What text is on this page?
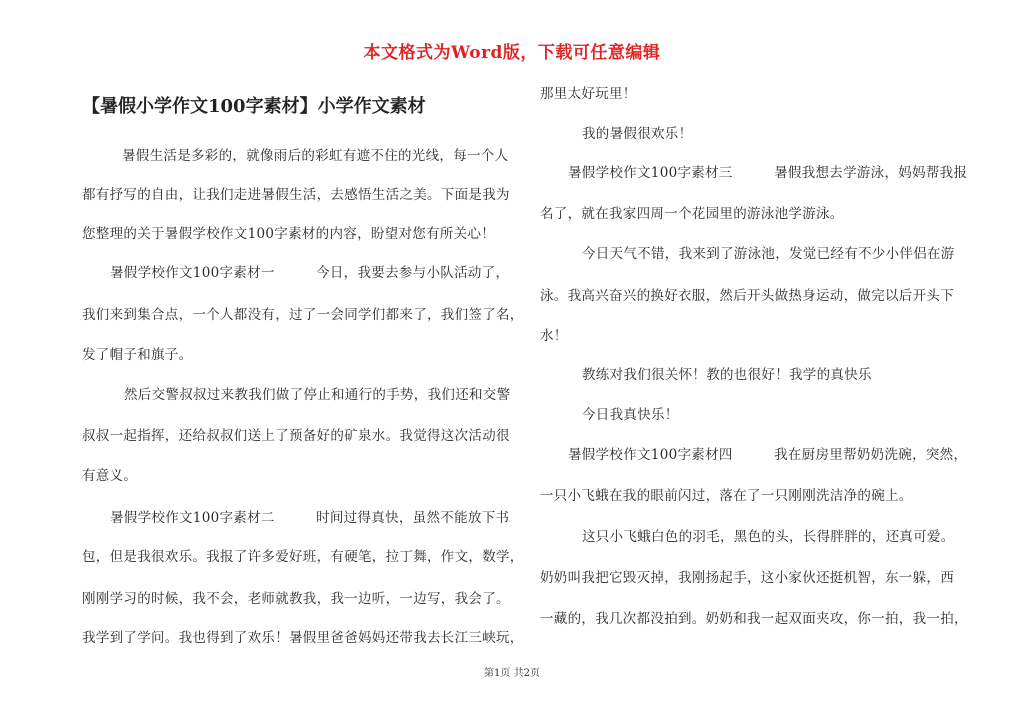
本文格式为Word版，下载可任意编辑
【暑假小学作文100字素材】小学作文素材
暑假生活是多彩的，就像雨后的彩虹有遮不住的光线，每一个人
都有抒写的自由，让我们走进暑假生活，去感悟生活之美。下面是我为
您整理的关于暑假学校作文100字素材的内容，盼望对您有所关心！
暑假学校作文100字素材一　　　今日，我要去参与小队活动了，
我们来到集合点，一个人都没有，过了一会同学们都来了，我们签了名，
发了帽子和旗子。
然后交警叔叔过来教我们做了停止和通行的手势，我们还和交警
叔叔一起指挥，还给叔叔们送上了预备好的矿泉水。我觉得这次活动很
有意义。
暑假学校作文100字素材二　　　时间过得真快，虽然不能放下书
包，但是我很欢乐。我报了许多爱好班，有硬笔，拉丁舞，作文，数学，
刚刚学习的时候，我不会，老师就教我，我一边听，一边写，我会了。
我学到了学问。我也得到了欢乐！暑假里爸爸妈妈还带我去长江三峡玩，
那里太好玩里！
我的暑假很欢乐！
暑假学校作文100字素材三　　　暑假我想去学游泳，妈妈帮我报
名了，就在我家四周一个花园里的游泳池学游泳。
今日天气不错，我来到了游泳池，发觉已经有不少小伴侣在游
泳。我高兴奋兴的换好衣服，然后开头做热身运动，做完以后开头下
水！
教练对我们很关怀！教的也很好！我学的真快乐
今日我真快乐！
暑假学校作文100字素材四　　　我在厨房里帮奶奶洗碗，突然，
一只小飞蛾在我的眼前闪过，落在了一只刚刚洗洁净的碗上。
这只小飞蛾白色的羽毛，黑色的头，长得胖胖的，还真可爱。
奶奶叫我把它毁灭掉，我刚扬起手，这小家伙还挺机智，东一躲，西
一藏的，我几次都没拍到。奶奶和我一起双面夹攻，你一拍，我一拍，
第1页 共2页
